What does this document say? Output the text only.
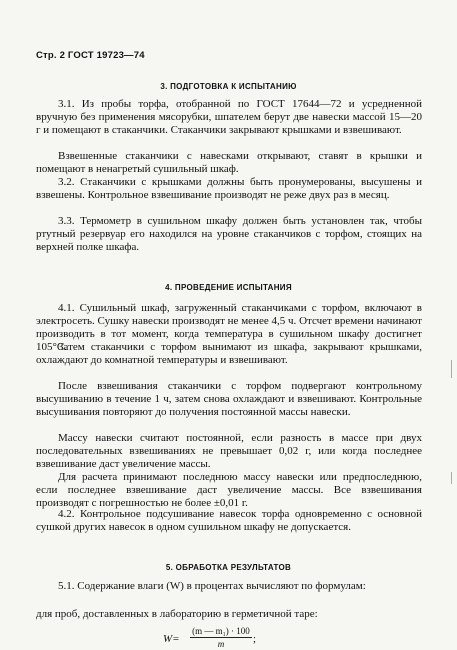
Стр. 2 ГОСТ 19723—74
3. ПОДГОТОВКА К ИСПЫТАНИЮ

3.1. Из пробы торфа, отобранной по ГОСТ 17644—72 и усредненной вручную без применения мясорубки, шпателем берут две навески массой 15—20 г и помещают в стаканчики. Стаканчики закрывают крышками и взвешивают.

Взвешенные стаканчики с навесками открывают, ставят в крышки и помещают в ненагретый сушильный шкаф.

3.2. Стаканчики с крышками должны быть пронумерованы, высушены и взвешены. Контрольное взвешивание производят не реже двух раз в месяц.

3.3. Термометр в сушильном шкафу должен быть установлен так, чтобы ртутный резервуар его находился на уровне стаканчиков с торфом, стоящих на верхней полке шкафа.

4. ПРОВЕДЕНИЕ ИСПЫТАНИЯ

4.1. Сушильный шкаф, загруженный стаканчиками с торфом, включают в электросеть. Сушку навески производят не менее 4,5 ч. Отсчет времени начинают производить в тот момент, когда температура в сушильном шкафу достигнет 105°С.

Затем стаканчики с торфом вынимают из шкафа, закрывают крышками, охлаждают до комнатной температуры и взвешивают.

После взвешивания стаканчики с торфом подвергают контрольному высушиванию в течение 1 ч, затем снова охлаждают и взвешивают. Контрольные высушивания повторяют до получения постоянной массы навески.

Массу навески считают постоянной, если разность в массе при двух последовательных взвешиваниях не превышает 0,02 г, или когда последнее взвешивание даст увеличение массы.

Для расчета принимают последнюю массу навески или предпоследнюю, если последнее взвешивание даст увеличение массы. Все взвешивания производят с погрешностью не более ±0,01 г.

4.2. Контрольное подсушивание навесок торфа одновременно с основной сушкой других навесок в одном сушильном шкафу не допускается.

5. ОБРАБОТКА РЕЗУЛЬТАТОВ

5.1. Содержание влаги (W) в процентах вычисляют по формулам:

для проб, доставленных в лабораторию в герметичной таре:

$W= \frac{\text{(m — m₁) · 100}}{m}$ ;
